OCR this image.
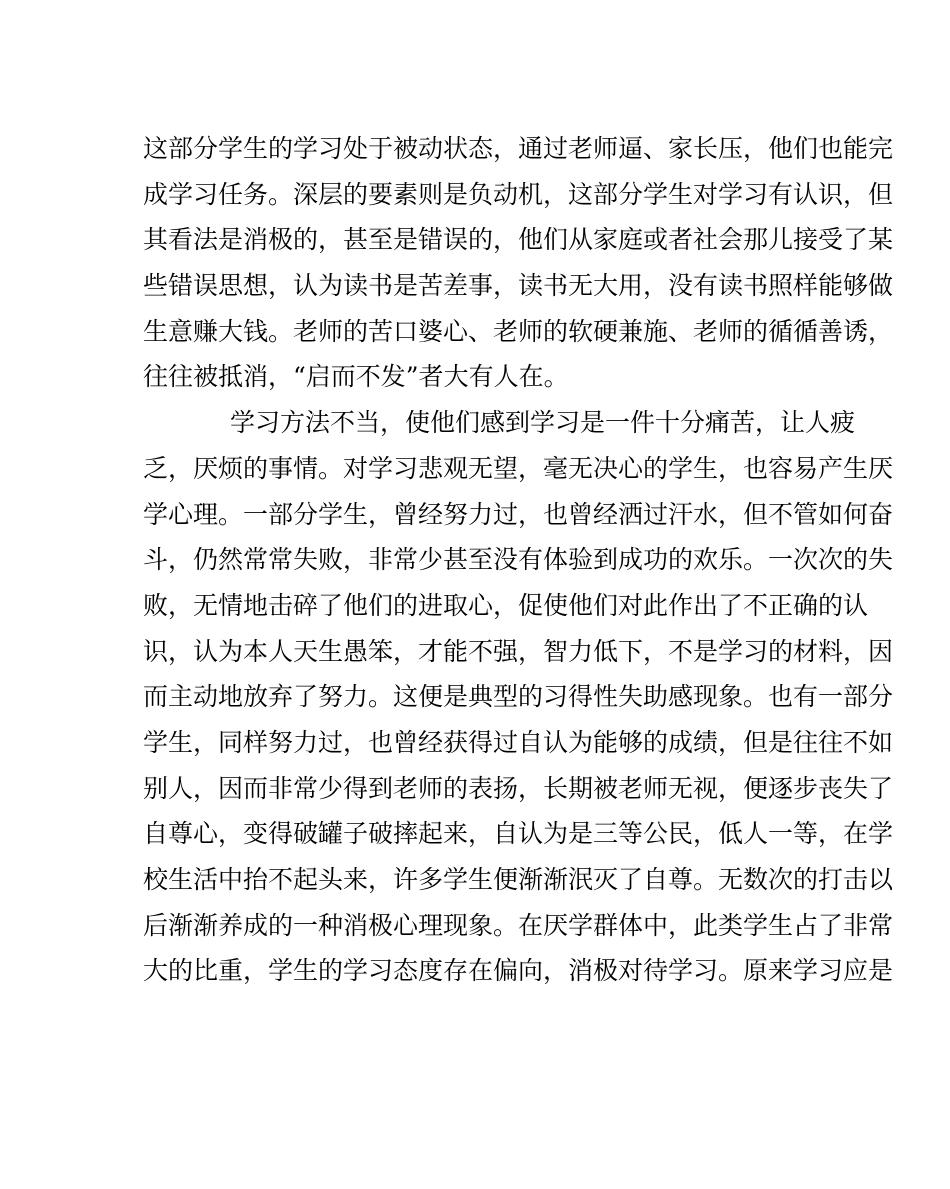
这部分学生的学习处于被动状态，通过老师逼、家长压，他们也能完
成学习任务。深层的要素则是负动机，这部分学生对学习有认识，但
其看法是消极的，甚至是错误的，他们从家庭或者社会那儿接受了某
些错误思想，认为读书是苦差事，读书无大用，没有读书照样能够做
生意赚大钱。老师的苦口婆心、老师的软硬兼施、老师的循循善诱，
往往被抵消，“启而不发”者大有人在。
学习方法不当，使他们感到学习是一件十分痛苦，让人疲
乏，厌烦的事情。对学习悲观无望，毫无决心的学生，也容易产生厌
学心理。一部分学生，曾经努力过，也曾经洒过汗水，但不管如何奋
斗，仍然常常失败，非常少甚至没有体验到成功的欢乐。一次次的失
败，无情地击碎了他们的进取心，促使他们对此作出了不正确的认
识，认为本人天生愚笨，才能不强，智力低下，不是学习的材料，因
而主动地放弃了努力。这便是典型的习得性失助感现象。也有一部分
学生，同样努力过，也曾经获得过自认为能够的成绩，但是往往不如
别人，因而非常少得到老师的表扬，长期被老师无视，便逐步丧失了
自尊心，变得破罐子破摔起来，自认为是三等公民，低人一等，在学
校生活中抬不起头来，许多学生便渐渐泯灭了自尊。无数次的打击以
后渐渐养成的一种消极心理现象。在厌学群体中，此类学生占了非常
大的比重，学生的学习态度存在偏向，消极对待学习。原来学习应是
